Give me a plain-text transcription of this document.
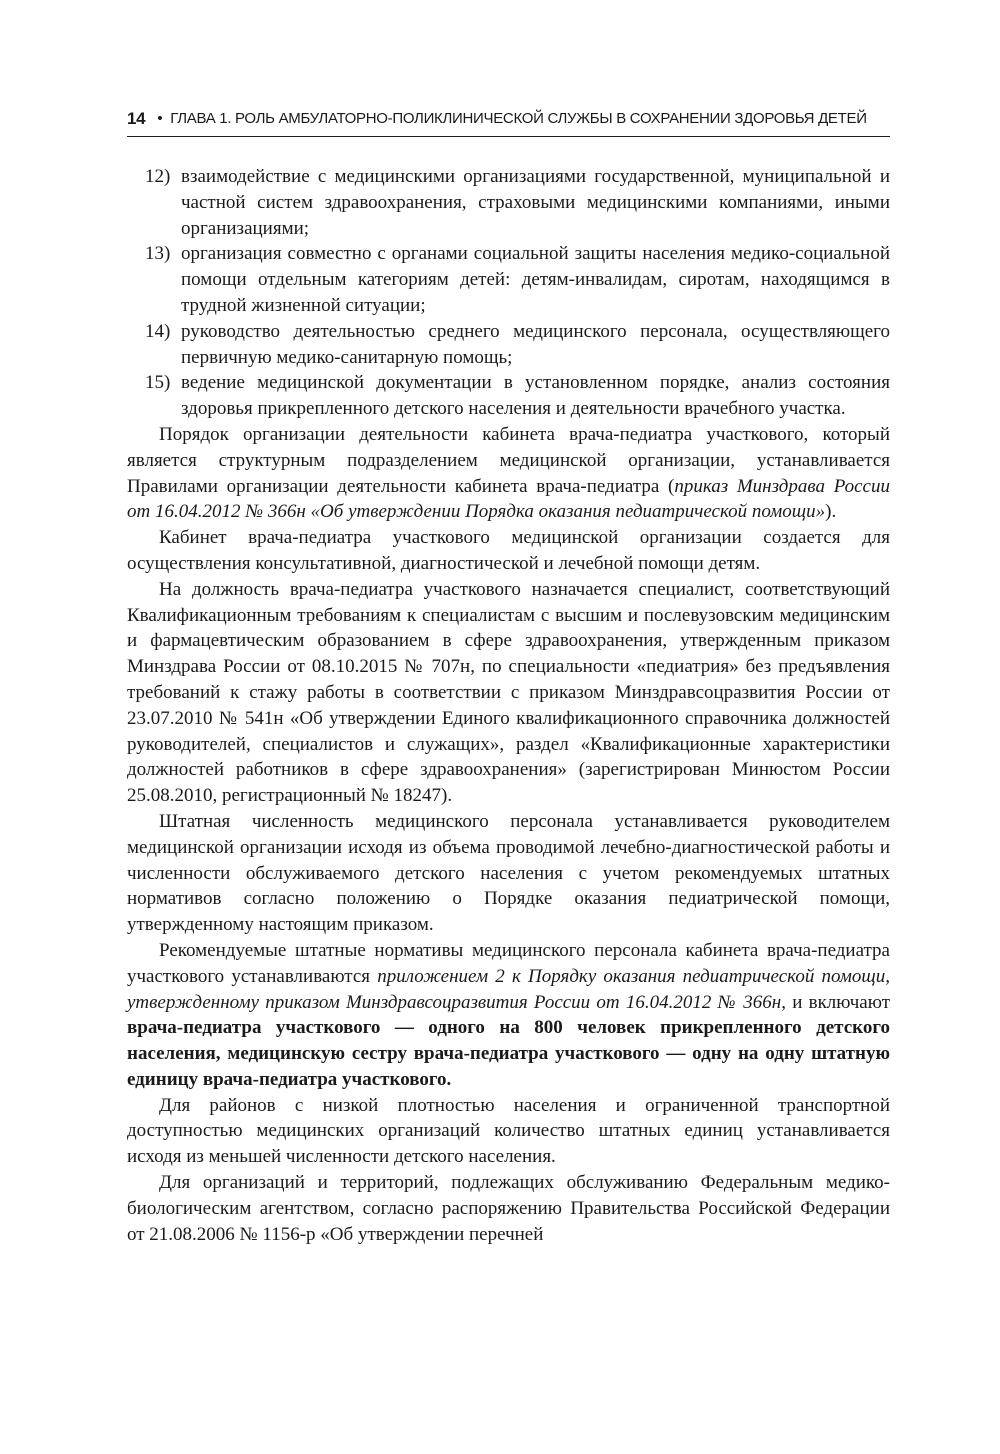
14 • ГЛАВА 1. РОЛЬ АМБУЛАТОРНО-ПОЛИКЛИНИЧЕСКОЙ СЛУЖБЫ В СОХРАНЕНИИ ЗДОРОВЬЯ ДЕТЕЙ

12) взаимодействие с медицинскими организациями государственной, муниципальной и частной систем здравоохранения, страховыми медицинскими компаниями, иными организациями;

13) организация совместно с органами социальной защиты населения медико-социальной помощи отдельным категориям детей: детям-инвалидам, сиротам, находящимся в трудной жизненной ситуации;

14) руководство деятельностью среднего медицинского персонала, осуществляющего первичную медико-санитарную помощь;

15) ведение медицинской документации в установленном порядке, анализ состояния здоровья прикрепленного детского населения и деятельности врачебного участка.

Порядок организации деятельности кабинета врача-педиатра участкового, который является структурным подразделением медицинской организации, устанавливается Правилами организации деятельности кабинета врача-педиатра (приказ Минздрава России от 16.04.2012 № 366н «Об утверждении Порядка оказания педиатрической помощи»).

Кабинет врача-педиатра участкового медицинской организации создается для осуществления консультативной, диагностической и лечебной помощи детям.

На должность врача-педиатра участкового назначается специалист, соответствующий Квалификационным требованиям к специалистам с высшим и послевузовским медицинским и фармацевтическим образованием в сфере здравоохранения, утвержденным приказом Минздрава России от 08.10.2015 № 707н, по специальности «педиатрия» без предъявления требований к стажу работы в соответствии с приказом Минздравсоцразвития России от 23.07.2010 № 541н «Об утверждении Единого квалификационного справочника должностей руководителей, специалистов и служащих», раздел «Квалификационные характеристики должностей работников в сфере здравоохранения» (зарегистрирован Минюстом России 25.08.2010, регистрационный № 18247).

Штатная численность медицинского персонала устанавливается руководителем медицинской организации исходя из объема проводимой лечебно-диагностической работы и численности обслуживаемого детского населения с учетом рекомендуемых штатных нормативов согласно положению о Порядке оказания педиатрической помощи, утвержденному настоящим приказом.

Рекомендуемые штатные нормативы медицинского персонала кабинета врача-педиатра участкового устанавливаются приложением 2 к Порядку оказания педиатрической помощи, утвержденному приказом Минздравсоцразвития России от 16.04.2012 № 366н, и включают врача-педиатра участкового — одного на 800 человек прикрепленного детского населения, медицинскую сестру врача-педиатра участкового — одну на одну штатную единицу врача-педиатра участкового.

Для районов с низкой плотностью населения и ограниченной транспортной доступностью медицинских организаций количество штатных единиц устанавливается исходя из меньшей численности детского населения.

Для организаций и территорий, подлежащих обслуживанию Федеральным медико-биологическим агентством, согласно распоряжению Правительства Российской Федерации от 21.08.2006 № 1156-р «Об утверждении перечней
